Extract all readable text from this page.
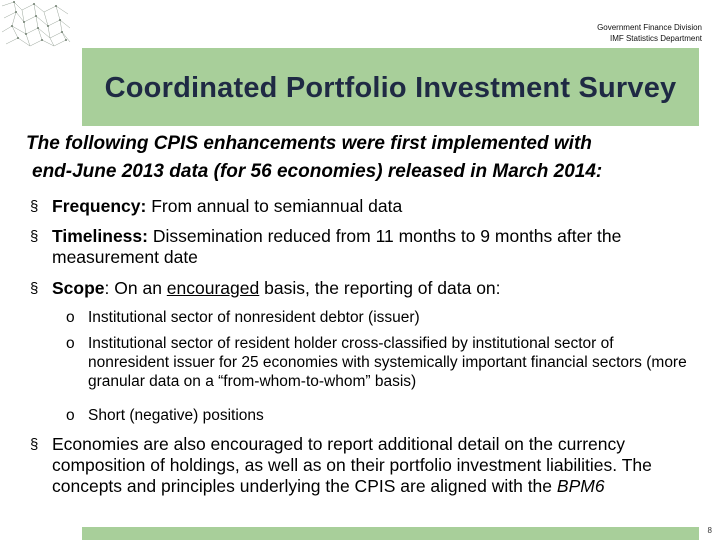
Government Finance Division
IMF Statistics Department
Coordinated Portfolio Investment Survey
The following CPIS enhancements were first implemented with
end-June 2013 data (for 56 economies) released in March 2014:
§ Frequency: From annual to semiannual data
§ Timeliness: Dissemination reduced from 11 months to 9 months after the measurement date
§ Scope: On an encouraged basis, the reporting of data on:
o Institutional sector of nonresident debtor (issuer)
o Institutional sector of resident holder cross-classified by institutional sector of nonresident issuer for 25 economies with systemically important financial sectors (more granular data on a “from-whom-to-whom” basis)
o Short (negative) positions
§ Economies are also encouraged to report additional detail on the currency composition of holdings, as well as on their portfolio investment liabilities. The concepts and principles underlying the CPIS are aligned with the BPM6
8
